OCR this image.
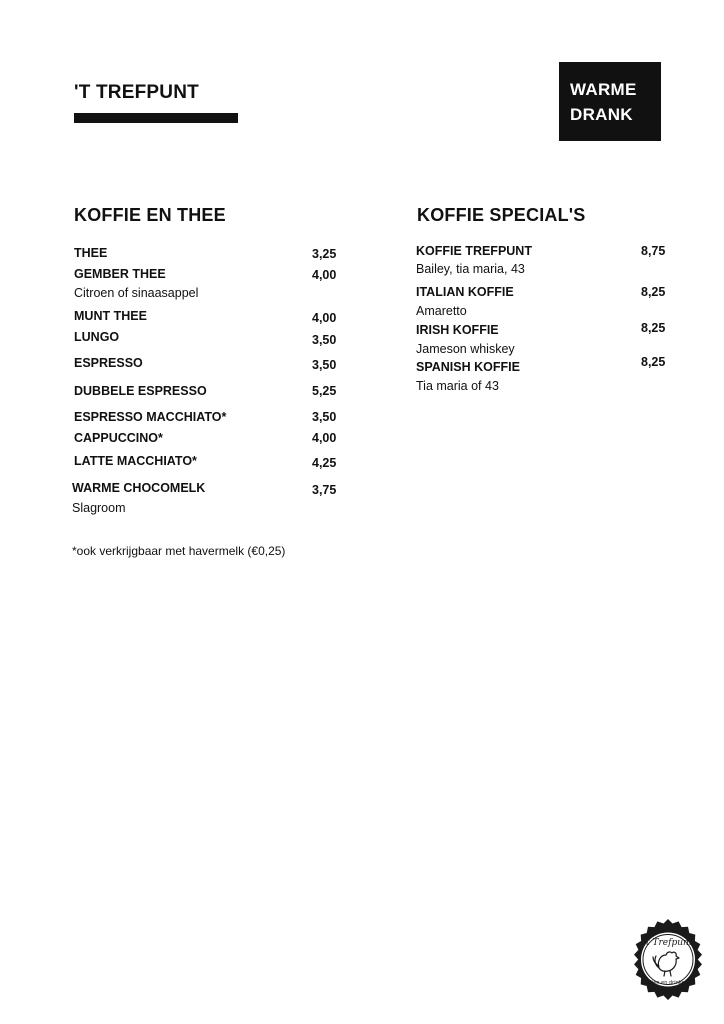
'T TREFPUNT	WARME
DRANK
KOFFIE EN THEE
THEE	3,25
GEMBER THEE	4,00
Citroen of sinaasappel
MUNT THEE	4,00
LUNGO	3,50
ESPRESSO	3,50
DUBBELE ESPRESSO	5,25
ESPRESSO MACCHIATO*	3,50
CAPPUCCINO*	4,00
LATTE MACCHIATO*	4,25
WARME CHOCOMELK	3,75
Slagroom
*ook verkrijgbaar met havermelk (€0,25)
KOFFIE SPECIAL'S
KOFFIE TREFPUNT	8,75
Bailey, tia maria, 43
ITALIAN KOFFIE	8,25
Amaretto
IRISH KOFFIE	8,25
Jameson whiskey
SPANISH KOFFIE	8,25
Tia maria of 43
't Trefpunt
Eten en drinken
